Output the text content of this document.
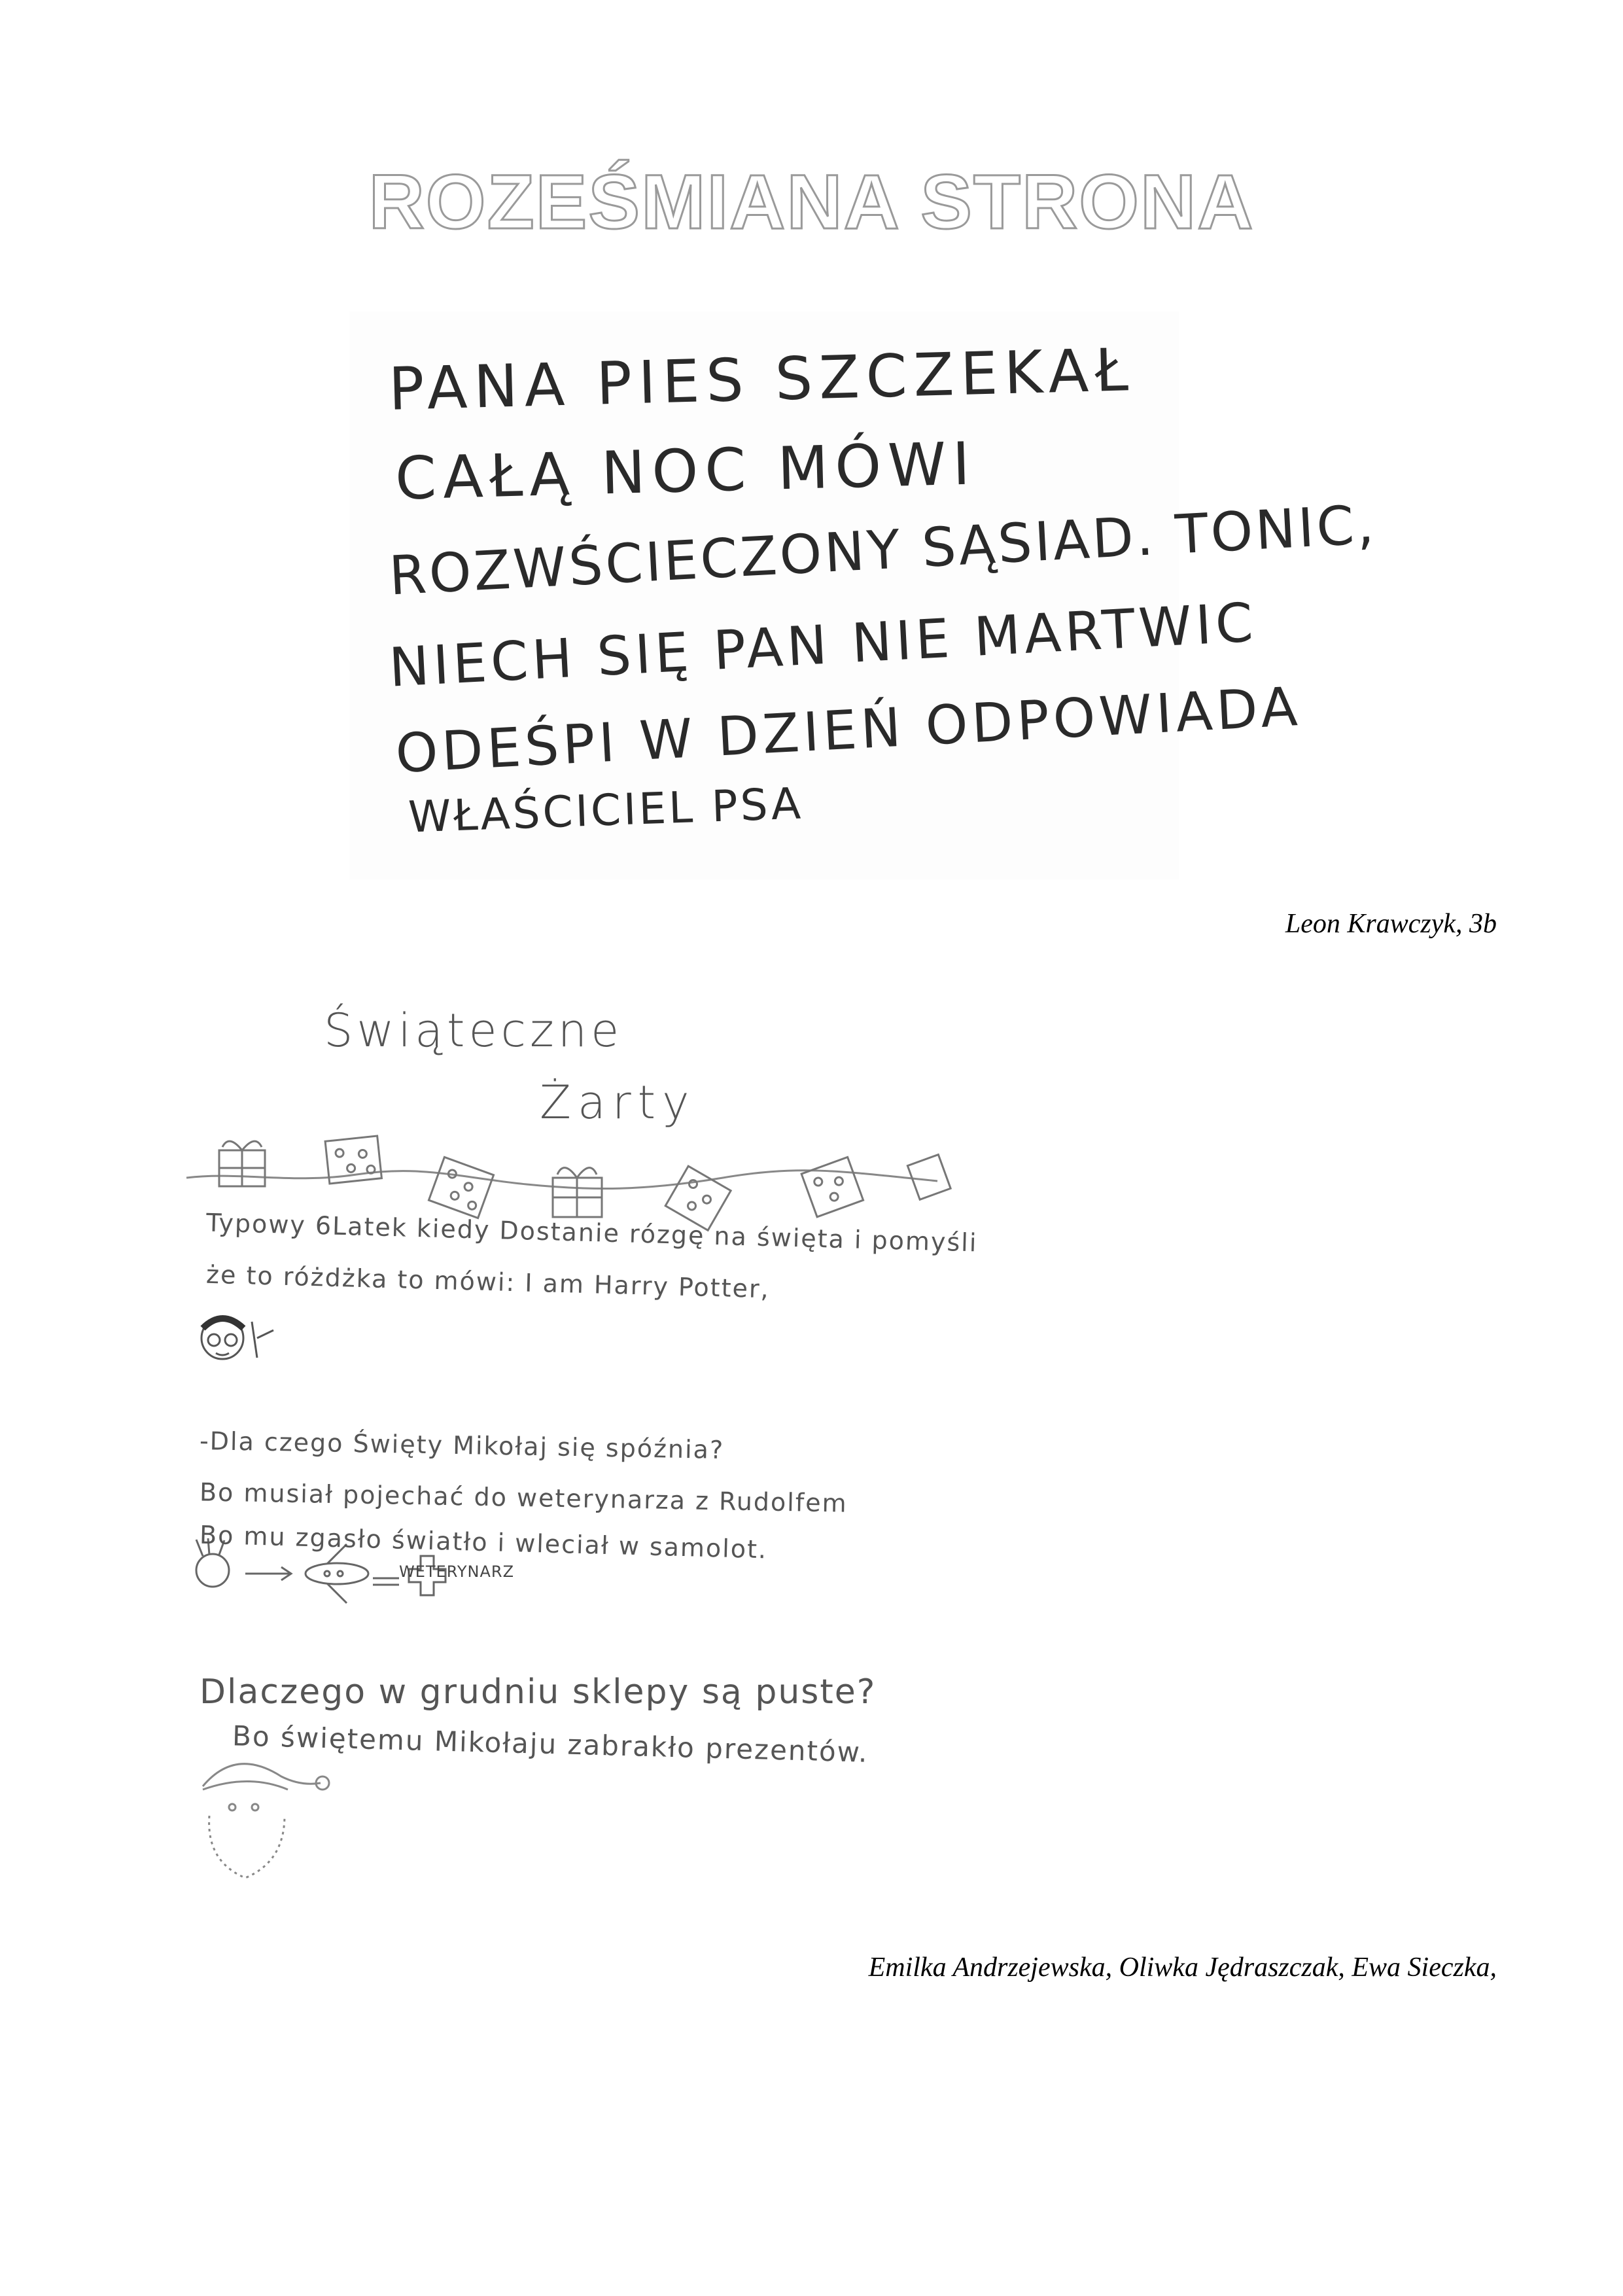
ROZEŚMIANA STRONA
PANA PIES SZCZEKAŁ
CAŁĄ NOC MÓWI
ROZWŚCIECZONY SĄSIAD. TONIC,
NIECH SIĘ PAN NIE MARTWIC
ODEŚPI W DZIEŃ ODPOWIADA
WŁAŚCICIEL PSA
Leon Krawczyk, 3b
Świąteczne
Żarty
Typowy 6Latek kiedy Dostanie rózgę na święta i pomyśli
że to różdżka to mówi: I am Harry Potter,
-Dla czego Święty Mikołaj się spóźnia?
Bo musiał pojechać do weterynarza z Rudolfem
Bo mu zgasło światło i wleciał w samolot.
WETERYNARZ
Dlaczego w grudniu sklepy są puste?
Bo świętemu Mikołaju zabrakło prezentów.
Emilka Andrzejewska, Oliwka Jędraszczak, Ewa Sieczka,
